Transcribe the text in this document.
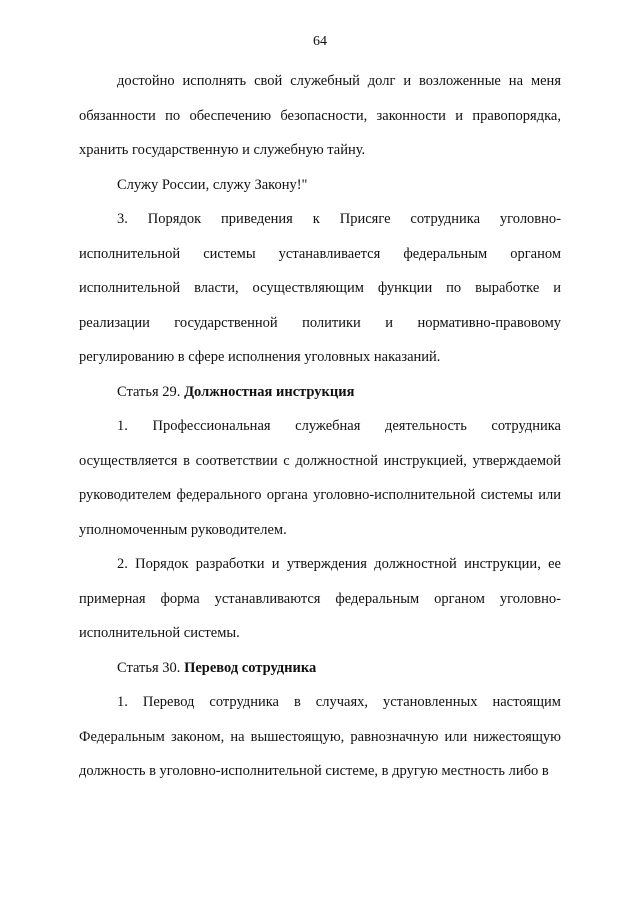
64

достойно исполнять свой служебный долг и возложенные на меня обязанности по обеспечению безопасности, законности и правопорядка, хранить государственную и служебную тайну.

Служу России, служу Закону!"

3. Порядок приведения к Присяге сотрудника уголовно-исполнительной системы устанавливается федеральным органом исполнительной власти, осуществляющим функции по выработке и реализации государственной политики и нормативно-правовому регулированию в сфере исполнения уголовных наказаний.

Статья 29. Должностная инструкция

1. Профессиональная служебная деятельность сотрудника осуществляется в соответствии с должностной инструкцией, утверждаемой руководителем федерального органа уголовно-исполнительной системы или уполномоченным руководителем.

2. Порядок разработки и утверждения должностной инструкции, ее примерная форма устанавливаются федеральным органом уголовно-исполнительной системы.

Статья 30. Перевод сотрудника

1. Перевод сотрудника в случаях, установленных настоящим Федеральным законом, на вышестоящую, равнозначную или нижестоящую должность в уголовно-исполнительной системе, в другую местность либо в
